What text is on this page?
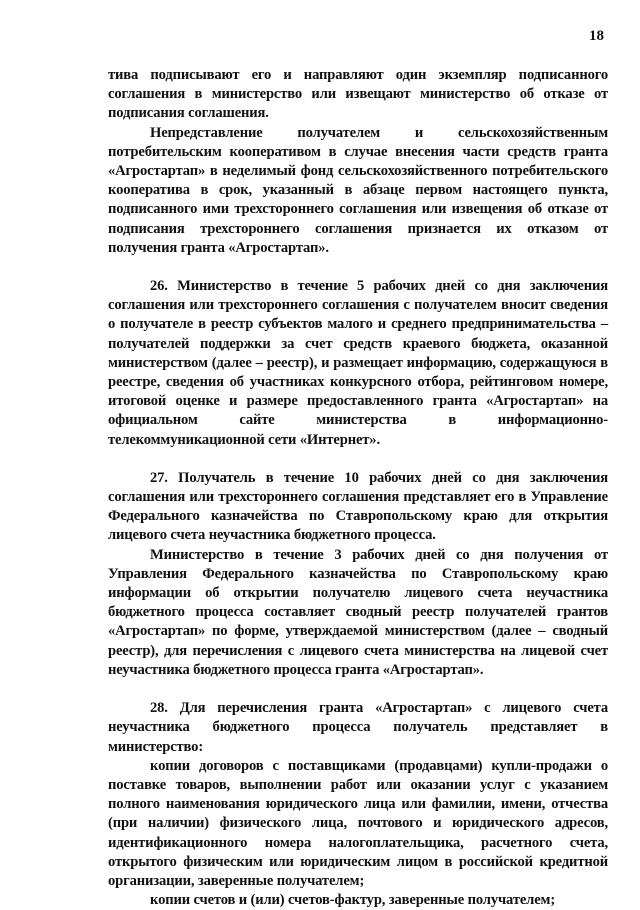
18

тива подписывают его и направляют один экземпляр подписанного соглашения в министерство или извещают министерство об отказе от подписания соглашения.

Непредставление получателем и сельскохозяйственным потребительским кооперативом в случае внесения части средств гранта «Агростартап» в неделимый фонд сельскохозяйственного потребительского кооператива в срок, указанный в абзаце первом настоящего пункта, подписанного ими трехстороннего соглашения или извещения об отказе от подписания трехстороннего соглашения признается их отказом от получения гранта «Агростартап».

26. Министерство в течение 5 рабочих дней со дня заключения соглашения или трехстороннего соглашения с получателем вносит сведения о получателе в реестр субъектов малого и среднего предпринимательства – получателей поддержки за счет средств краевого бюджета, оказанной министерством (далее – реестр), и размещает информацию, содержащуюся в реестре, сведения об участниках конкурсного отбора, рейтинговом номере, итоговой оценке и размере предоставленного гранта «Агростартап» на официальном сайте министерства в информационно-телекоммуникационной сети «Интернет».

27. Получатель в течение 10 рабочих дней со дня заключения соглашения или трехстороннего соглашения представляет его в Управление Федерального казначейства по Ставропольскому краю для открытия лицевого счета неучастника бюджетного процесса.

Министерство в течение 3 рабочих дней со дня получения от Управления Федерального казначейства по Ставропольскому краю информации об открытии получателю лицевого счета неучастника бюджетного процесса составляет сводный реестр получателей грантов «Агростартап» по форме, утверждаемой министерством (далее – сводный реестр), для перечисления с лицевого счета министерства на лицевой счет неучастника бюджетного процесса гранта «Агростартап».

28. Для перечисления гранта «Агростартап» с лицевого счета неучастника бюджетного процесса получатель представляет в министерство:

копии договоров с поставщиками (продавцами) купли-продажи о поставке товаров, выполнении работ или оказании услуг с указанием полного наименования юридического лица или фамилии, имени, отчества (при наличии) физического лица, почтового и юридического адресов, идентификационного номера налогоплательщика, расчетного счета, открытого физическим или юридическим лицом в российской кредитной организации, заверенные получателем;

копии счетов и (или) счетов-фактур, заверенные получателем;
